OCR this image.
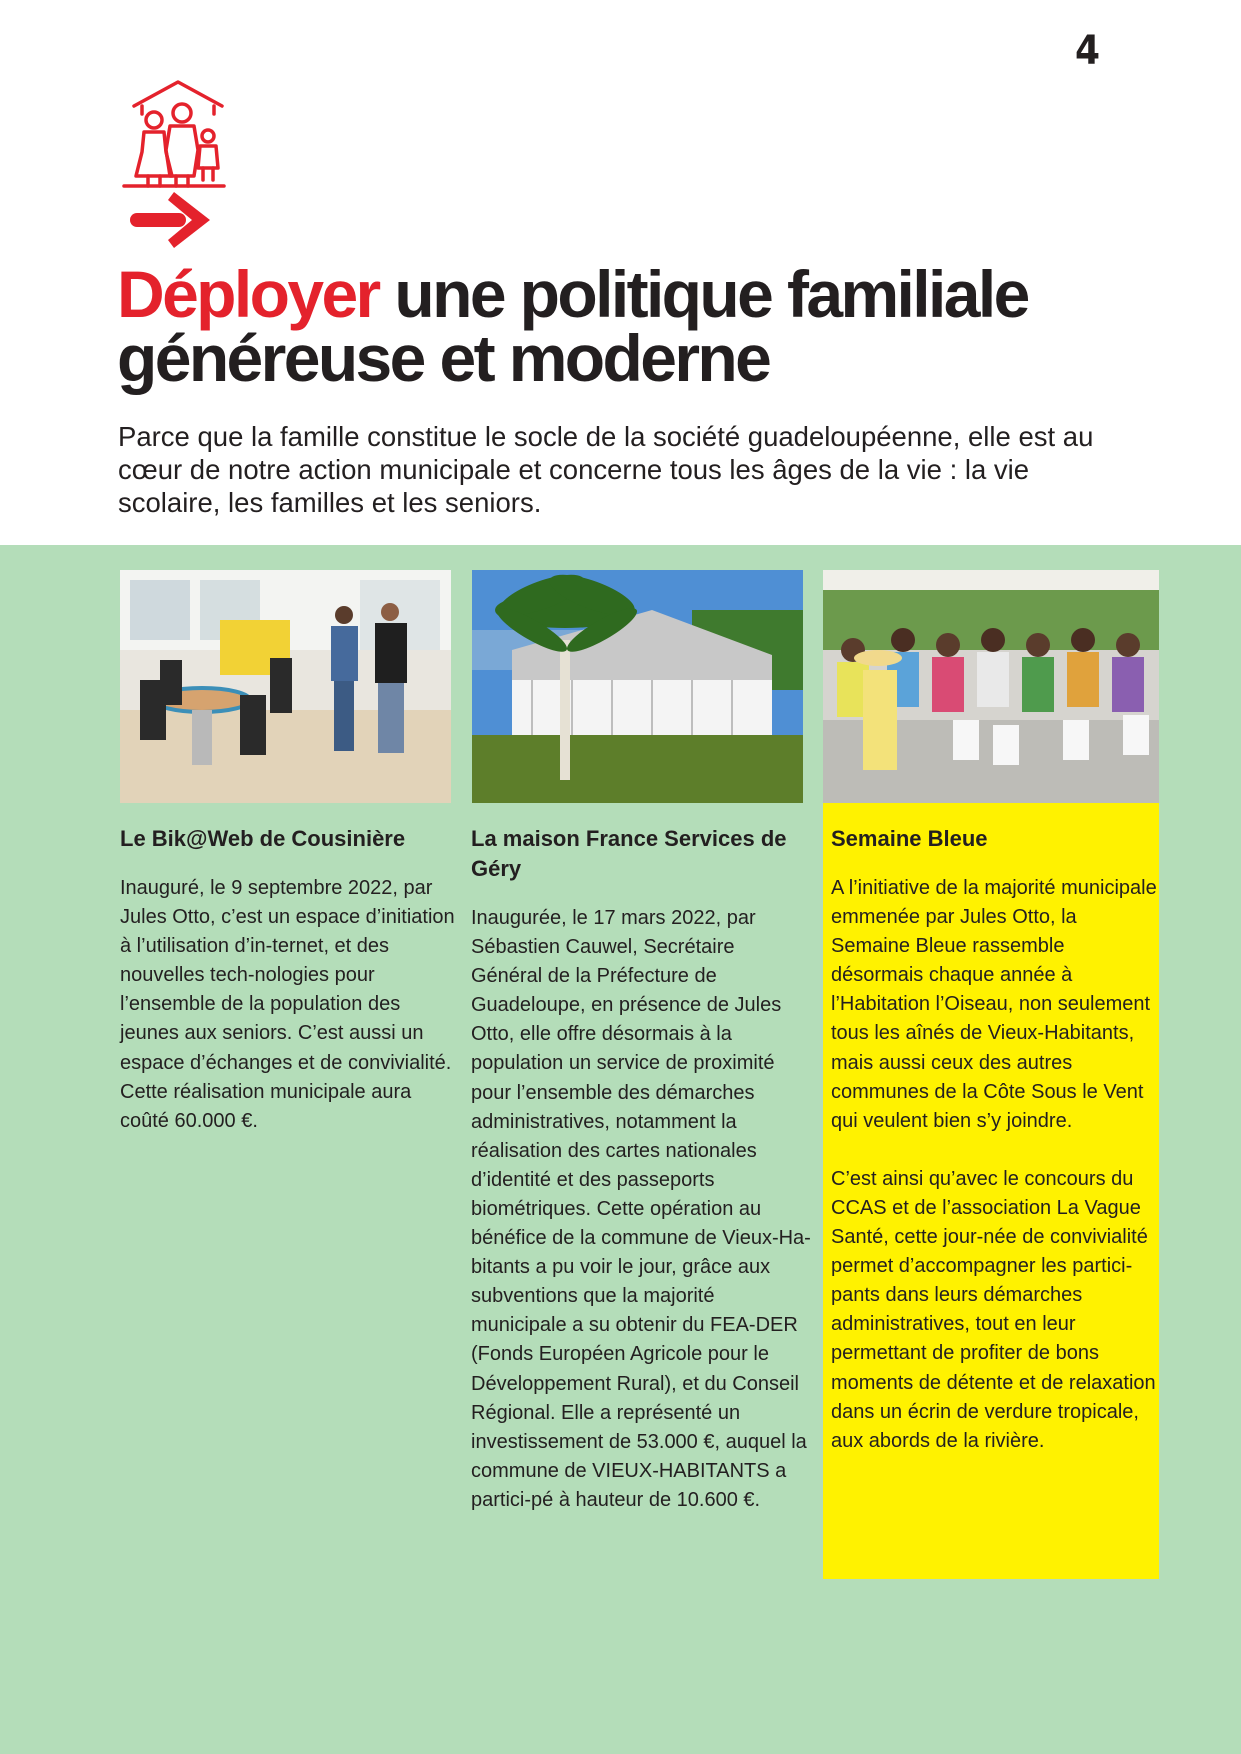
4
Déployer une politique familiale généreuse et moderne

Parce que la famille constitue le socle de la société guadeloupéenne, elle est au cœur de notre action municipale et concerne tous les âges de la vie : la vie scolaire, les familles et les seniors.

Le Bik@Web de Cousinière

Inauguré, le 9 septembre 2022, par Jules Otto, c’est un espace d’initiation à l’utilisation d’in-ternet, et des nouvelles tech-nologies pour l’ensemble de la population des jeunes aux seniors. C’est aussi un espace d’échanges et de convivialité. Cette réalisation municipale aura coûté 60.000 €.

La maison France Services de Géry

Inaugurée, le 17 mars 2022, par Sébastien Cauwel, Secrétaire Général de la Préfecture de Guadeloupe, en présence de Jules Otto, elle offre désormais à la population un service de proximité pour l’ensemble des démarches administratives, notamment la réalisation des cartes nationales d’identité et des passeports biométriques. Cette opération au bénéfice de la commune de Vieux-Ha-bitants a pu voir le jour, grâce aux subventions que la majorité municipale a su obtenir du FEA-DER (Fonds Européen Agricole pour le Développement Rural), et du Conseil Régional. Elle a représenté un investissement de 53.000 €, auquel la commune de VIEUX-HABITANTS a partici-pé à hauteur de 10.600 €.

Semaine Bleue

A l’initiative de la majorité municipale emmenée par Jules Otto, la Semaine Bleue rassemble désormais chaque année à l’Habitation l’Oiseau, non seulement tous les aînés de Vieux-Habitants, mais aussi ceux des autres communes de la Côte Sous le Vent qui veulent bien s’y joindre.

C’est ainsi qu’avec le concours du CCAS et de l’association La Vague Santé, cette jour-née de convivialité permet d’accompagner les partici-pants dans leurs démarches administratives, tout en leur permettant de profiter de bons moments de détente et de relaxation dans un écrin de verdure tropicale, aux abords de la rivière.
